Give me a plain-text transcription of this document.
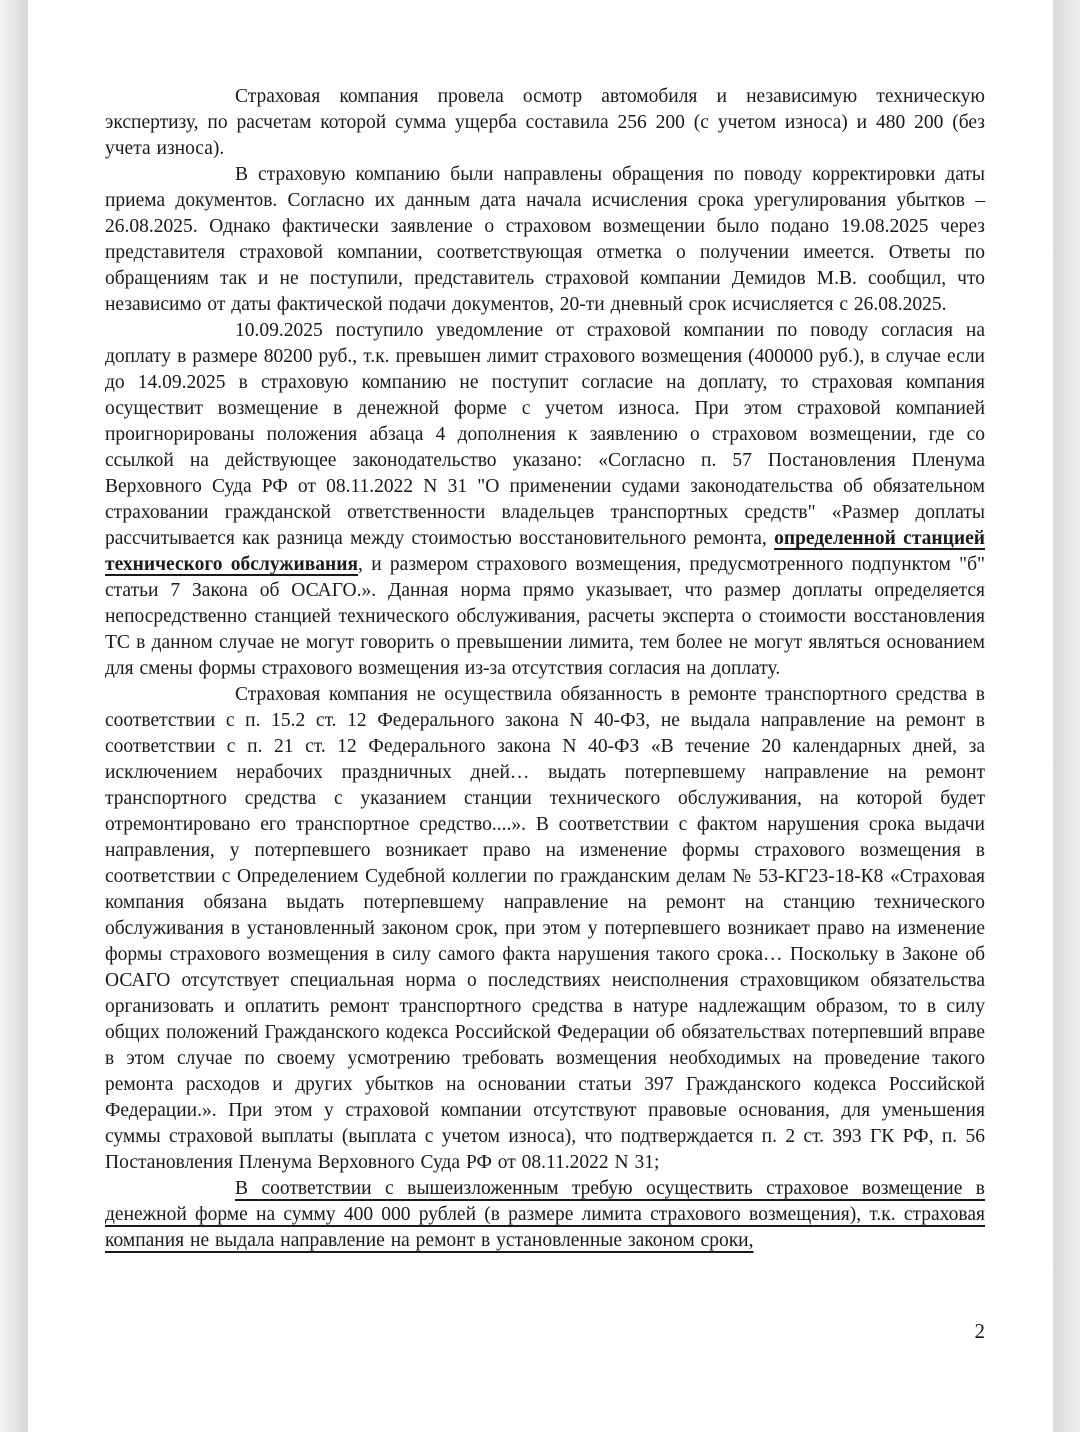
Страховая компания провела осмотр автомобиля и независимую техническую экспертизу, по расчетам которой сумма ущерба составила 256 200 (с учетом износа) и 480 200 (без учета износа).

В страховую компанию были направлены обращения по поводу корректировки даты приема документов. Согласно их данным дата начала исчисления срока урегулирования убытков – 26.08.2025. Однако фактически заявление о страховом возмещении было подано 19.08.2025 через представителя страховой компании, соответствующая отметка о получении имеется. Ответы по обращениям так и не поступили, представитель страховой компании Демидов М.В. сообщил, что независимо от даты фактической подачи документов, 20-ти дневный срок исчисляется с 26.08.2025.

10.09.2025 поступило уведомление от страховой компании по поводу согласия на доплату в размере 80200 руб., т.к. превышен лимит страхового возмещения (400000 руб.), в случае если до 14.09.2025 в страховую компанию не поступит согласие на доплату, то страховая компания осуществит возмещение в денежной форме с учетом износа. При этом страховой компанией проигнорированы положения абзаца 4 дополнения к заявлению о страховом возмещении, где со ссылкой на действующее законодательство указано: «Согласно п. 57 Постановления Пленума Верховного Суда РФ от 08.11.2022 N 31 "О применении судами законодательства об обязательном страховании гражданской ответственности владельцев транспортных средств" «Размер доплаты рассчитывается как разница между стоимостью восстановительного ремонта, определенной станцией технического обслуживания, и размером страхового возмещения, предусмотренного подпунктом "б" статьи 7 Закона об ОСАГО.». Данная норма прямо указывает, что размер доплаты определяется непосредственно станцией технического обслуживания, расчеты эксперта о стоимости восстановления ТС в данном случае не могут говорить о превышении лимита, тем более не могут являться основанием для смены формы страхового возмещения из-за отсутствия согласия на доплату.

Страховая компания не осуществила обязанность в ремонте транспортного средства в соответствии с п. 15.2 ст. 12 Федерального закона N 40-ФЗ, не выдала направление на ремонт в соответствии с п. 21 ст. 12 Федерального закона N 40-ФЗ «В течение 20 календарных дней, за исключением нерабочих праздничных дней… выдать потерпевшему направление на ремонт транспортного средства с указанием станции технического обслуживания, на которой будет отремонтировано его транспортное средство....». В соответствии с фактом нарушения срока выдачи направления, у потерпевшего возникает право на изменение формы страхового возмещения в соответствии с Определением Судебной коллегии по гражданским делам № 53-КГ23-18-К8 «Страховая компания обязана выдать потерпевшему направление на ремонт на станцию технического обслуживания в установленный законом срок, при этом у потерпевшего возникает право на изменение формы страхового возмещения в силу самого факта нарушения такого срока… Поскольку в Законе об ОСАГО отсутствует специальная норма о последствиях неисполнения страховщиком обязательства организовать и оплатить ремонт транспортного средства в натуре надлежащим образом, то в силу общих положений Гражданского кодекса Российской Федерации об обязательствах потерпевший вправе в этом случае по своему усмотрению требовать возмещения необходимых на проведение такого ремонта расходов и других убытков на основании статьи 397 Гражданского кодекса Российской Федерации.». При этом у страховой компании отсутствуют правовые основания, для уменьшения суммы страховой выплаты (выплата с учетом износа), что подтверждается п. 2 ст. 393 ГК РФ, п. 56 Постановления Пленума Верховного Суда РФ от 08.11.2022 N 31;

В соответствии с вышеизложенным требую осуществить страховое возмещение в денежной форме на сумму 400 000 рублей (в размере лимита страхового возмещения), т.к. страховая компания не выдала направление на ремонт в установленные законом сроки,

2
